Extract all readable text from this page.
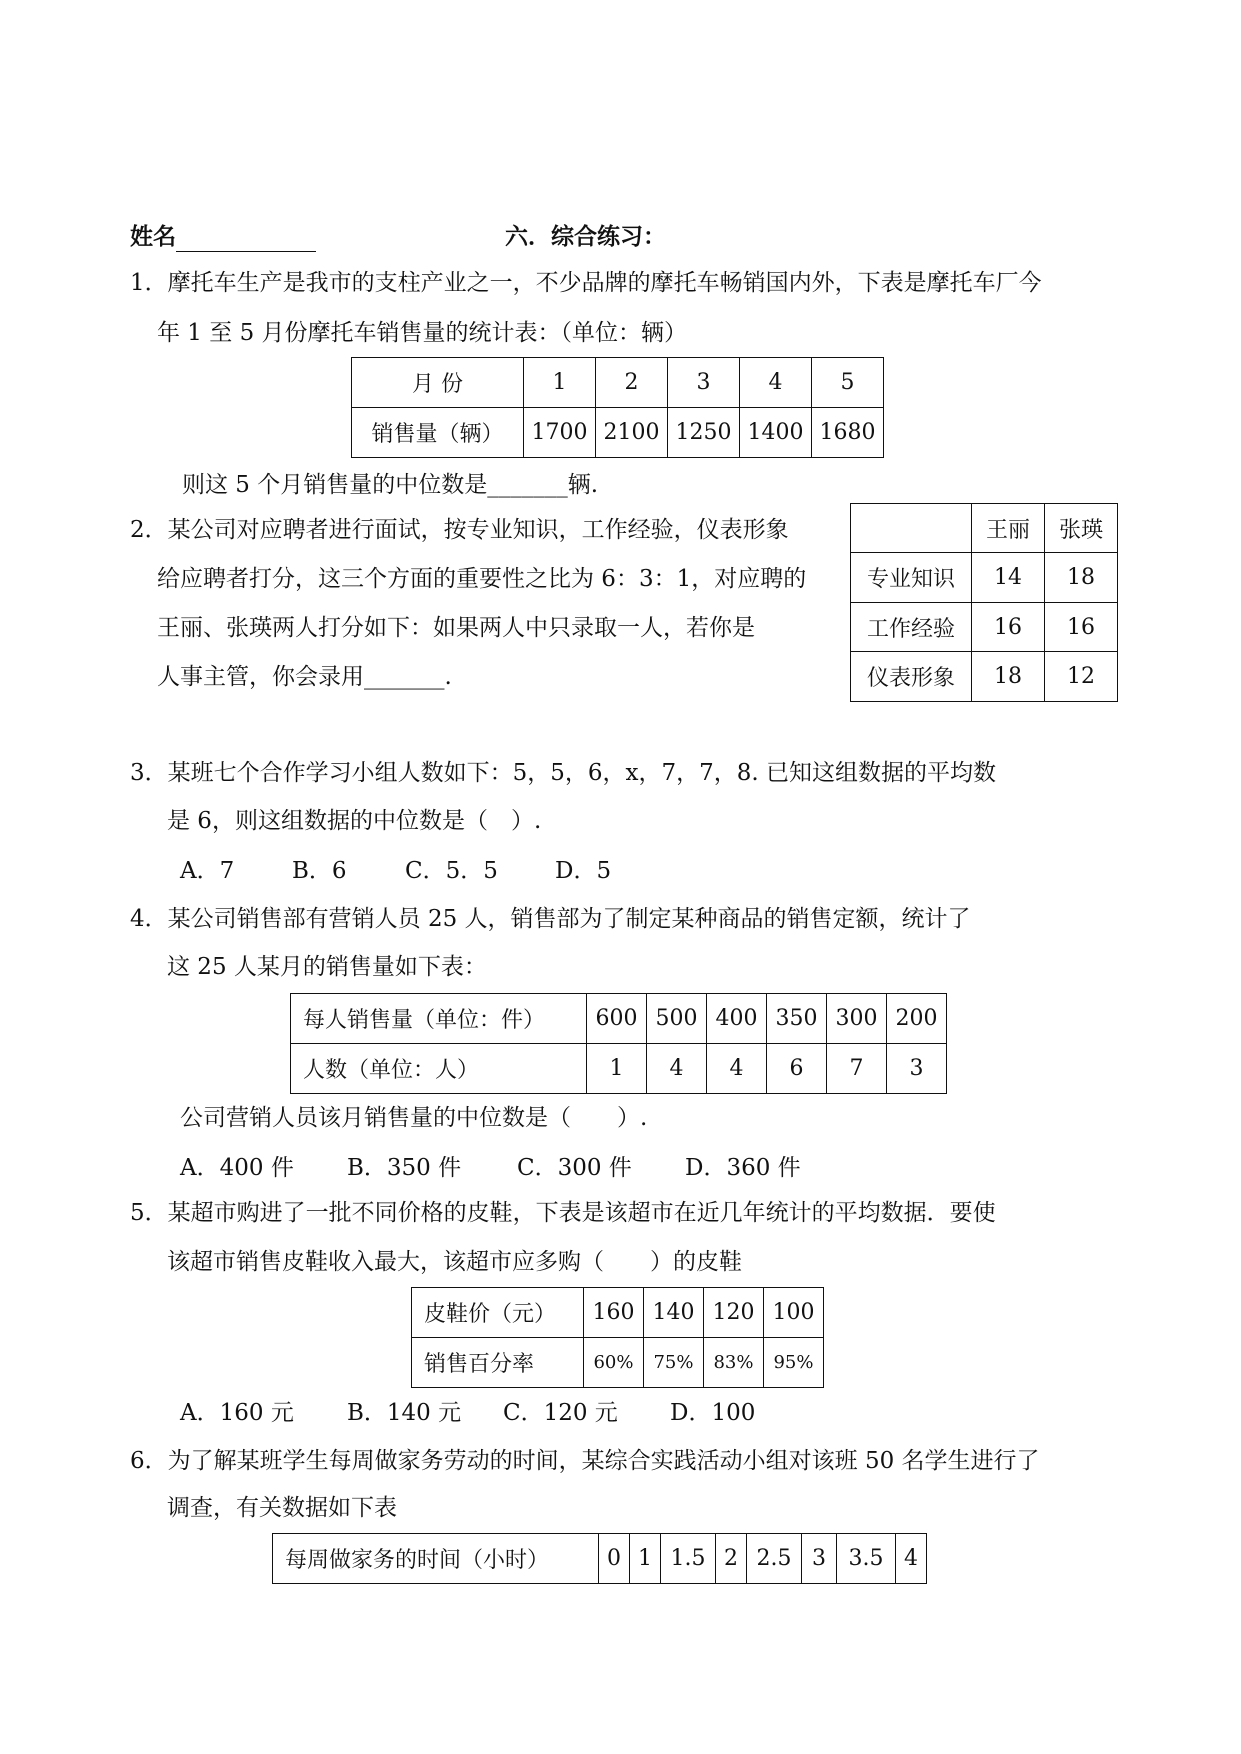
姓名	六．综合练习：
1．摩托车生产是我市的支柱产业之一，不少品牌的摩托车畅销国内外，下表是摩托车厂今
年 1 至 5 月份摩托车销售量的统计表：（单位：辆）
月 份	1	2	3	4	5
销售量（辆）	1700	2100	1250	1400	1680
则这 5 个月销售量的中位数是_______辆.
2．某公司对应聘者进行面试，按专业知识，工作经验，仪表形象
给应聘者打分，这三个方面的重要性之比为 6：3：1，对应聘的
王丽、张瑛两人打分如下：如果两人中只录取一人，若你是
人事主管，你会录用_______.
	王丽	张瑛
专业知识	14	18
工作经验	16	16
仪表形象	18	12
3．某班七个合作学习小组人数如下：5，5，6，x，7，7，8. 已知这组数据的平均数
是 6，则这组数据的中位数是（　）.
A．7	B．6	C．5．5 D．5
4．某公司销售部有营销人员 25 人，销售部为了制定某种商品的销售定额，统计了
这 25 人某月的销售量如下表：
每人销售量（单位：件）	600	500	400	350	300	200
人数（单位：人）	1	4	4	6	7	3
公司营销人员该月销售量的中位数是（　　）.
A．400 件 B．350 件 C．300 件 D．360 件
5．某超市购进了一批不同价格的皮鞋，下表是该超市在近几年统计的平均数据．要使
该超市销售皮鞋收入最大，该超市应多购（　　）的皮鞋
皮鞋价（元）	160	140	120	100
销售百分率	60%	75%	83%	95%
A．160 元 B．140 元 C．120 元 D．100
6．为了解某班学生每周做家务劳动的时间，某综合实践活动小组对该班 50 名学生进行了
调查，有关数据如下表
每周做家务的时间（小时）	0	1	1.5	2	2.5	3	3.5	4
